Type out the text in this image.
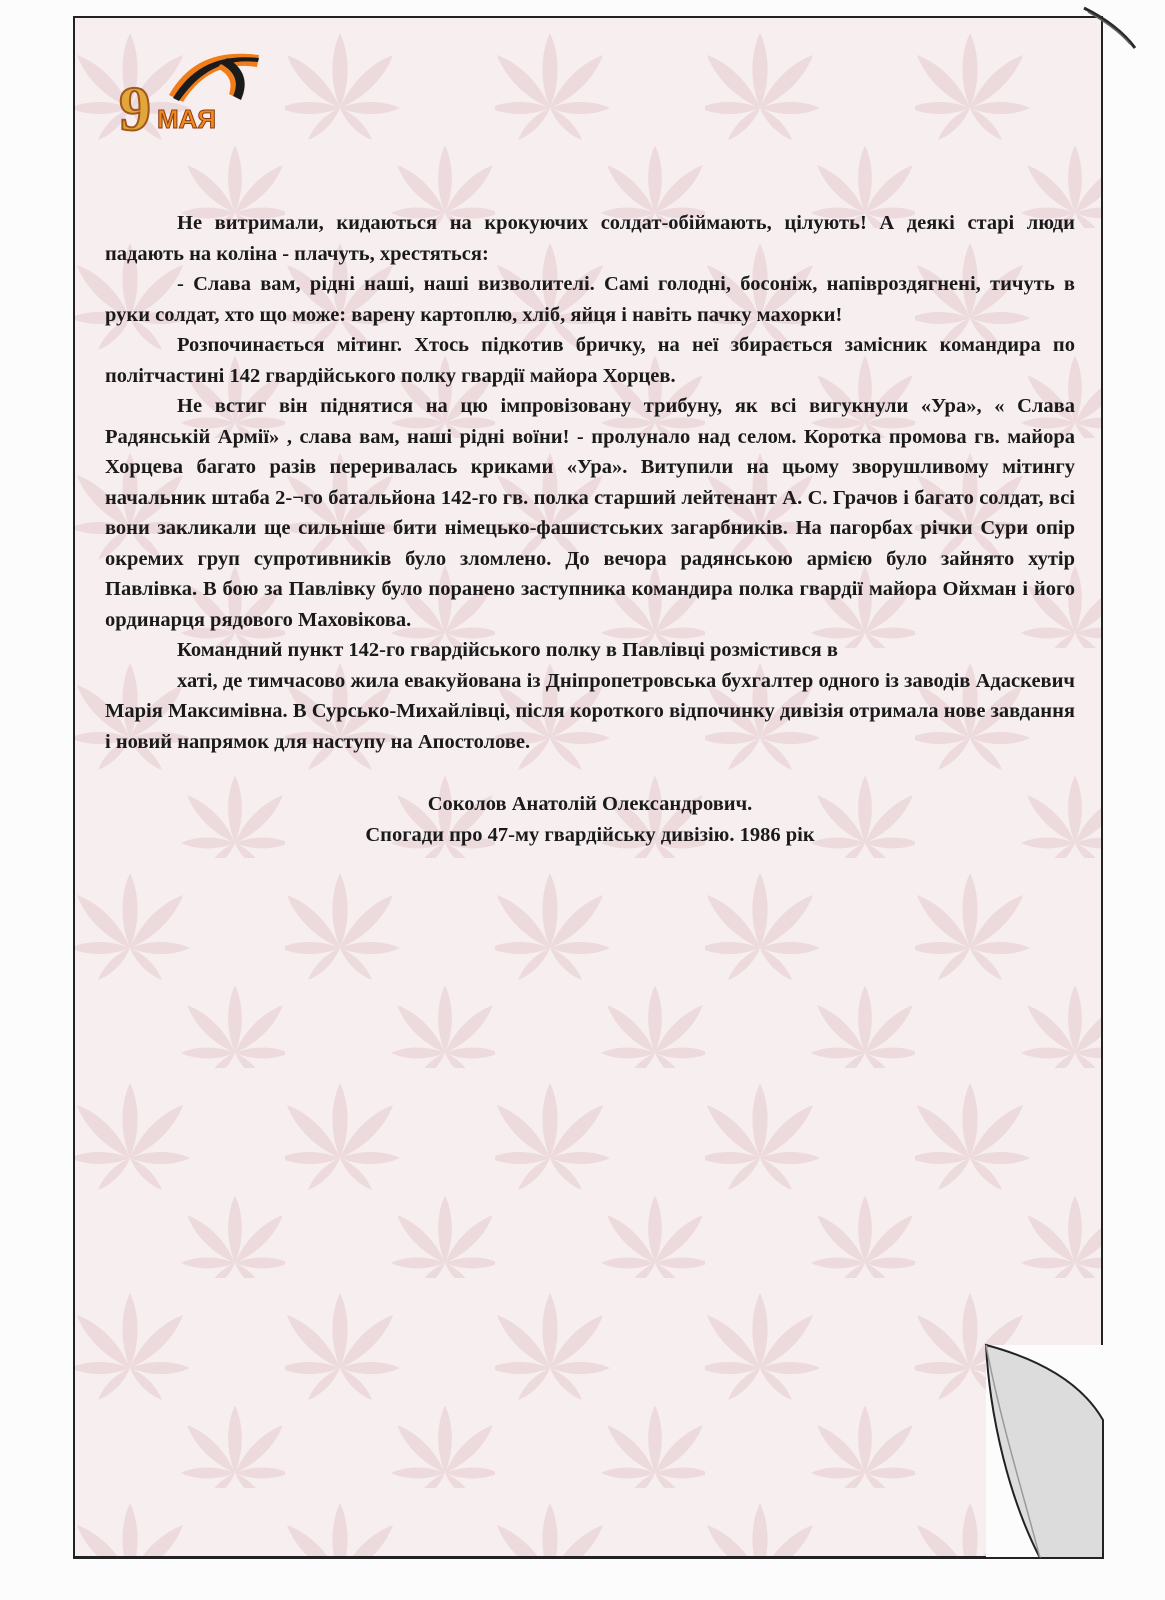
9 МАЯ

Не витримали, кидаються на крокуючих солдат-обіймають, цілують! А деякі старі люди падають на коліна - плачуть, хрестяться:

- Слава вам, рідні наші, наші визволителі. Самі голодні, босоніж, напівроздягнені, тичуть в руки солдат, хто що може: варену картоплю, хліб, яйця і навіть пачку махорки!

Розпочинається мітинг. Хтось підкотив бричку, на неї збирається замісник командира по політчастині 142 гвардійського полку гвардії майора Хорцев.

Не встиг він піднятися на цю імпровізовану трибуну, як всі вигукнули «Ура», « Слава Радянській Армії» , слава вам, наші рідні воїни! - пролунало над селом. Коротка промова гв. майора Хорцева багато разів переривалась криками «Ура». Витупили на цьому зворушливому мітингу начальник штаба 2-¬го батальйона 142-го гв. полка старший лейтенант А. С. Грачов і багато солдат, всі вони закликали ще сильніше бити німецько-фашистських загарбників. На пагорбах річки Сури опір окремих груп супротивників було зломлено. До вечора радянською армією було зайнято хутір Павлівка. В бою за Павлівку було поранено заступника командира полка гвардії майора Ойхман і його ординарця рядового Маховікова.

Командний пункт 142-го гвардійського полку в Павлівці розмістився в

хаті, де тимчасово жила евакуйована із Дніпропетровська бухгалтер одного із заводів Адаскевич Марія Максимівна. В Сурсько-Михайлівці, після короткого відпочинку дивізія отримала нове завдання і новий напрямок для наступу на Апостолове.

Соколов Анатолій Олександрович.
Спогади про 47-му гвардійську дивізію. 1986 рік
